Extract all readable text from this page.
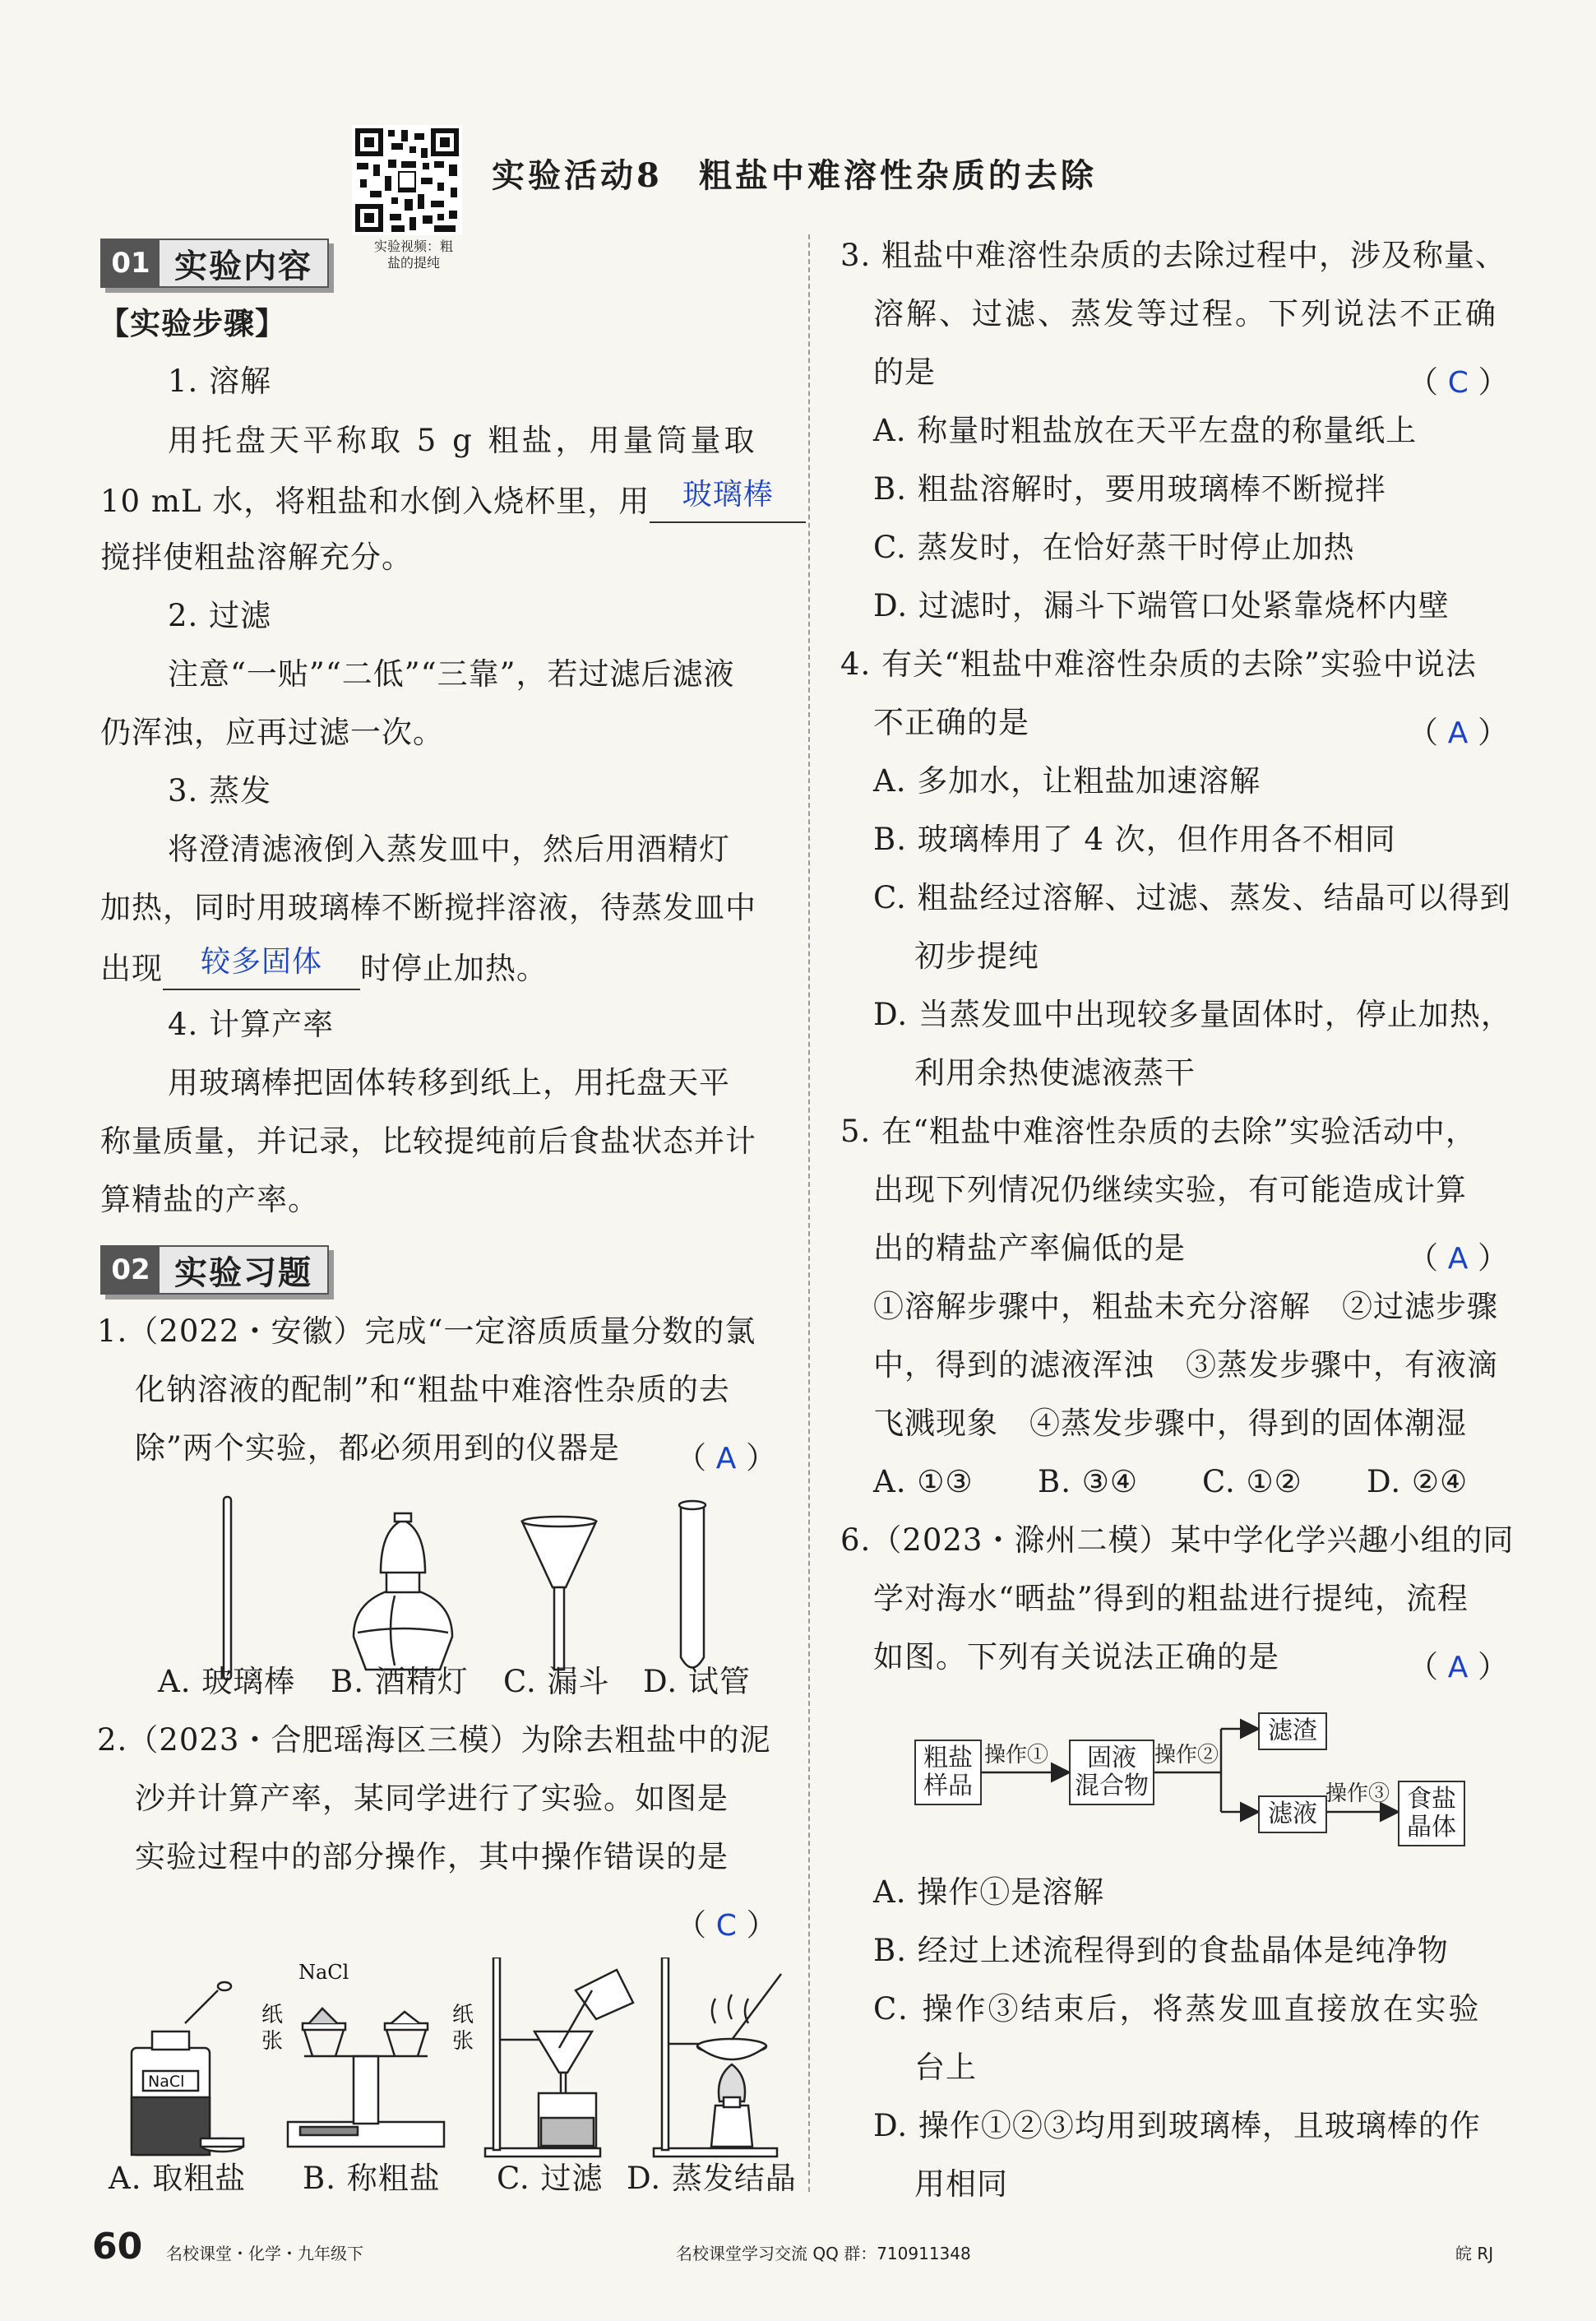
实验视频：粗
盐的提纯
实验活动8　粗盐中难溶性杂质的去除
01 实验内容
【实验步骤】
1. 溶解
用托盘天平称取 5 g 粗盐，用量筒量取
10 mL 水，将粗盐和水倒入烧杯里，用 玻璃棒
搅拌使粗盐溶解充分。
2. 过滤
注意“一贴”“二低”“三靠”，若过滤后滤液
仍浑浊，应再过滤一次。
3. 蒸发
将澄清滤液倒入蒸发皿中，然后用酒精灯
加热，同时用玻璃棒不断搅拌溶液，待蒸发皿中
出现 较多固体 时停止加热。
4. 计算产率
用玻璃棒把固体转移到纸上，用托盘天平
称量质量，并记录，比较提纯前后食盐状态并计
算精盐的产率。
02 实验习题
1.（2022・安徽）完成“一定溶质质量分数的氯
化钠溶液的配制”和“粗盐中难溶性杂质的去
除”两个实验，都必须用到的仪器是 （ A ）
A. 玻璃棒 B. 酒精灯 C. 漏斗 D. 试管
2.（2023・合肥瑶海区三模）为除去粗盐中的泥
沙并计算产率，某同学进行了实验。如图是
实验过程中的部分操作，其中操作错误的是
（ C ）
NaCl
NaCl
纸张
纸张
A. 取粗盐 B. 称粗盐 C. 过滤 D. 蒸发结晶
3. 粗盐中难溶性杂质的去除过程中，涉及称量、
溶解、过滤、蒸发等过程。下列说法不正确
的是	（ C ）
A. 称量时粗盐放在天平左盘的称量纸上
B. 粗盐溶解时，要用玻璃棒不断搅拌
C. 蒸发时，在恰好蒸干时停止加热
D. 过滤时，漏斗下端管口处紧靠烧杯内壁
4. 有关“粗盐中难溶性杂质的去除”实验中说法
不正确的是	（ A ）
A. 多加水，让粗盐加速溶解
B. 玻璃棒用了 4 次，但作用各不相同
C. 粗盐经过溶解、过滤、蒸发、结晶可以得到
初步提纯
D. 当蒸发皿中出现较多量固体时，停止加热，
利用余热使滤液蒸干
5. 在“粗盐中难溶性杂质的去除”实验活动中，
出现下列情况仍继续实验，有可能造成计算
出的精盐产率偏低的是	（ A ）
①溶解步骤中，粗盐未充分溶解　②过滤步骤
中，得到的滤液浑浊　③蒸发步骤中，有液滴
飞溅现象　④蒸发步骤中，得到的固体潮湿
A. ①③ B. ③④ C. ①② D. ②④
6.（2023・滁州二模）某中学化学兴趣小组的同
学对海水“晒盐”得到的粗盐进行提纯，流程
如图。下列有关说法正确的是	（ A ）
粗盐
样品
操作①	固液
混合物
操作②
滤渣
滤液
操作③ 食盐
晶体
A. 操作①是溶解
B. 经过上述流程得到的食盐晶体是纯净物
C. 操作③结束后，将蒸发皿直接放在实验
台上
D. 操作①②③均用到玻璃棒，且玻璃棒的作
用相同
60 名校课堂・化学・九年级下	名校课堂学习交流 QQ 群：710911348	皖 RJ
